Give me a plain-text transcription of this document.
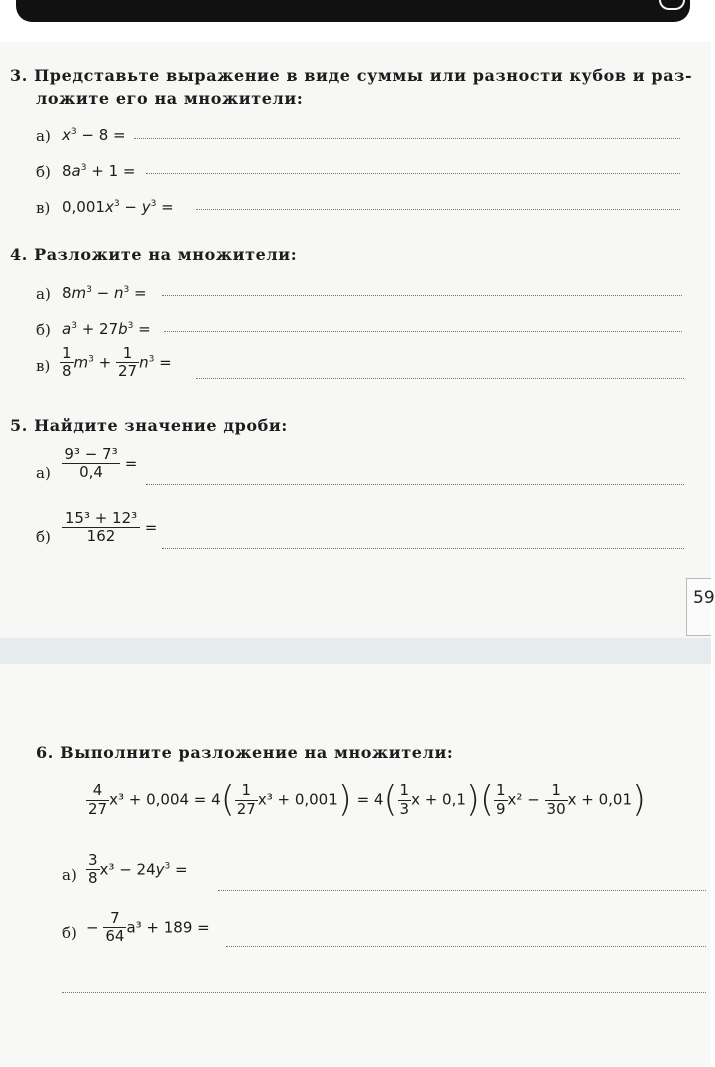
59
3. Представьте выражение в виде суммы или разности кубов и раз-
ложите его на множители:
а) $x^3 - 8$ =
б) $8a^3 + 1$ =
в) $0,001x^3 - y^3$ =
4. Разложите на множители:
а) $8m^3 - n^3$ =
б) $a^3 + 27b^3$ =
$в) \frac{1}{8} m^3 + \frac{1}{27} n^3$ =
5. Найдите значение дроби:
$а) \frac{\text{9³ − 7³}}{0,4}$ =
$б) \frac{\text{15³ + 12³}}{162}$ =
6. Выполните разложение на множители:
$\frac{4}{27} x^3 + 0,004 = 4( \frac{1}{27} x^3 + 0,001) = 4( \frac{1}{3}$ $x + 0,1)( \frac{1}{9} x^2 - \frac{1}{30}$ x + 0,01)
$а) \frac{3}{8} x^3 - 24y^3$ =
$б) - \frac{7}{64} a^3 + 189$ =
